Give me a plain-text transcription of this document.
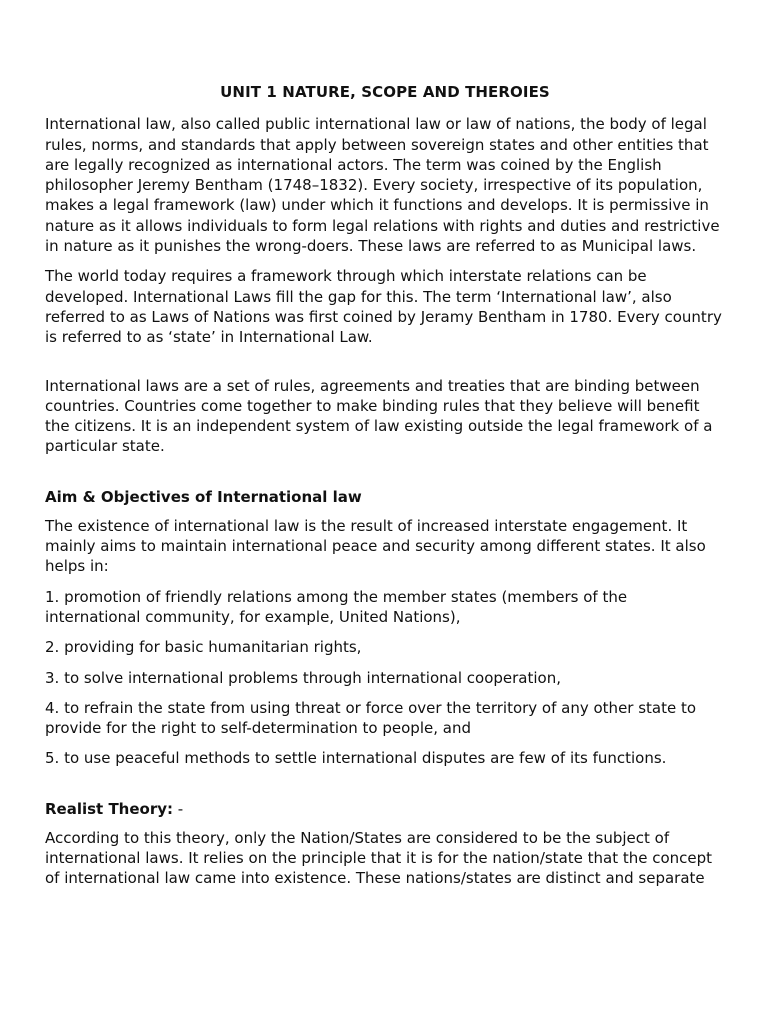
UNIT 1 NATURE, SCOPE AND THEROIES

International law, also called public international law or law of nations, the body of legal rules, norms, and standards that apply between sovereign states and other entities that are legally recognized as international actors. The term was coined by the English philosopher Jeremy Bentham (1748–1832). Every society, irrespective of its population, makes a legal framework (law) under which it functions and develops. It is permissive in nature as it allows individuals to form legal relations with rights and duties and restrictive in nature as it punishes the wrong-doers. These laws are referred to as Municipal laws.

The world today requires a framework through which interstate relations can be developed. International Laws fill the gap for this. The term ‘International law’, also referred to as Laws of Nations was first coined by Jeramy Bentham in 1780. Every country is referred to as ‘state’ in International Law.

International laws are a set of rules, agreements and treaties that are binding between countries. Countries come together to make binding rules that they believe will benefit the citizens. It is an independent system of law existing outside the legal framework of a particular state.

Aim & Objectives of International law

The existence of international law is the result of increased interstate engagement. It mainly aims to maintain international peace and security among different states. It also helps in:

1. promotion of friendly relations among the member states (members of the international community, for example, United Nations),

2. providing for basic humanitarian rights,

3. to solve international problems through international cooperation,

4. to refrain the state from using threat or force over the territory of any other state to provide for the right to self-determination to people, and

5. to use peaceful methods to settle international disputes are few of its functions.

Realist Theory: -

According to this theory, only the Nation/States are considered to be the subject of international laws. It relies on the principle that it is for the nation/state that the concept of international law came into existence. These nations/states are distinct and separate
